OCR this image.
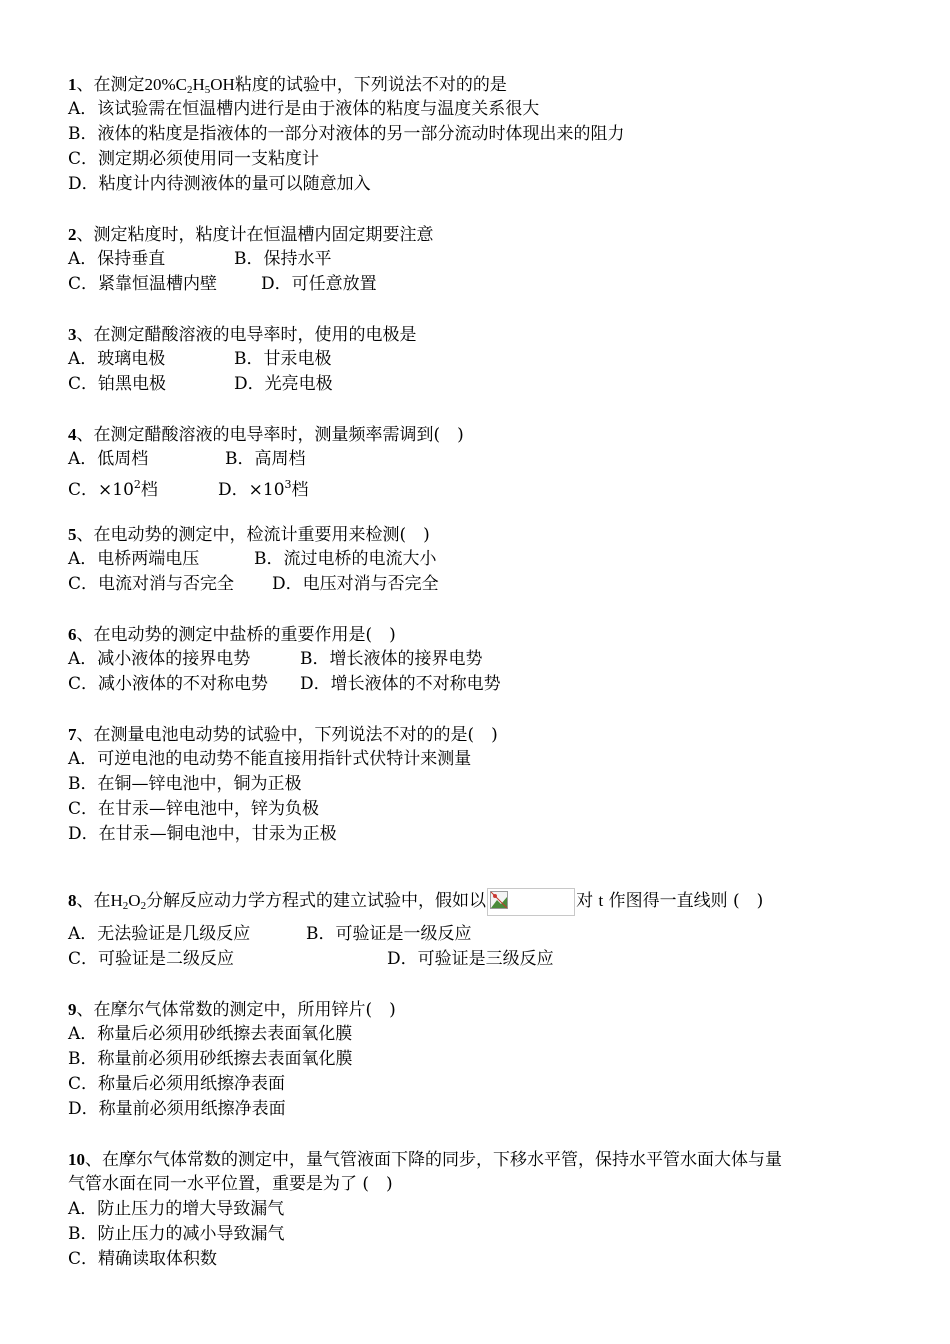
1、在测定$20\%C_2H_5OH$粘度的试验中，下列说法不对的的是
A．该试验需在恒温槽内进行是由于液体的粘度与温度关系很大
B．液体的粘度是指液体的一部分对液体的另一部分流动时体现出来的阻力
C．测定期必须使用同一支粘度计
D．粘度计内待测液体的量可以随意加入
2、测定粘度时，粘度计在恒温槽内固定期要注意
A．保持垂直	B．保持水平
C．紧靠恒温槽内壁	D．可任意放置
3、在测定醋酸溶液的电导率时，使用的电极是
A．玻璃电极	B．甘汞电极
C．铂黑电极	D．光亮电极
4、在测定醋酸溶液的电导率时，测量频率需调到(　)
A．低周档	B．高周档
C．$\times 10^2$档	D．$\times 10^3$档
5、在电动势的测定中，检流计重要用来检测(　)
A．电桥两端电压	B．流过电桥的电流大小
C．电流对消与否完全 D．电压对消与否完全
6、在电动势的测定中盐桥的重要作用是(　)
A．减小液体的接界电势	B．增长液体的接界电势
C．减小液体的不对称电势 D．增长液体的不对称电势
7、在测量电池电动势的试验中，下列说法不对的的是(　)
A．可逆电池的电动势不能直接用指针式伏特计来测量
B．在铜—锌电池中，铜为正极
C．在甘汞—锌电池中，锌为负极
D．在甘汞—铜电池中，甘汞为正极
8、在$H_2O_2$分解反应动力学方程式的建立试验中，假如以	对 t 作图得一直线则 (　)
A．无法验证是几级反应	B．可验证是一级反应
C．可验证是二级反应	D．可验证是三级反应
9、在摩尔气体常数的测定中，所用锌片(　)
A．称量后必须用砂纸擦去表面氧化膜
B．称量前必须用砂纸擦去表面氧化膜
C．称量后必须用纸擦净表面
D．称量前必须用纸擦净表面
10、在摩尔气体常数的测定中，量气管液面下降的同步，下移水平管，保持水平管水面大体与量
气管水面在同一水平位置，重要是为了 (　)
A．防止压力的增大导致漏气
B．防止压力的减小导致漏气
C．精确读取体积数
